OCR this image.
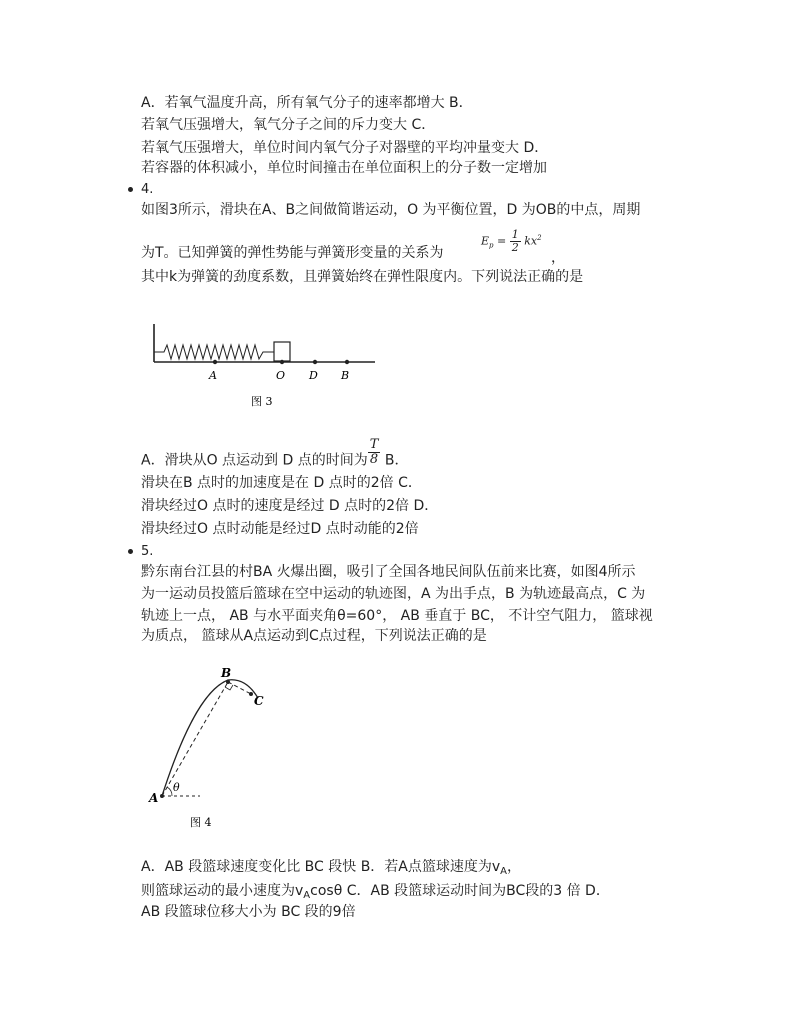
A．若氧气温度升高，所有氧气分子的速率都增大 B．
若氧气压强增大，氧气分子之间的斥力变大 C．
若氧气压强增大，单位时间内氧气分子对器壁的平均冲量变大 D．
若容器的体积减小，单位时间撞击在单位面积上的分子数一定增加
4.
如图3所示，滑块在A、B之间做简谐运动，O 为平衡位置，D 为OB的中点，周期
为T。已知弹簧的弹性势能与弹簧形变量的关系为
$E_p = \frac{1}{2} kx^2$
，
其中k为弹簧的劲度系数，且弹簧始终在弹性限度内。下列说法正确的是
A	O D B
图 3
A．滑块从O 点运动到 D 点的时间为 $\frac{T}{8}$ B．
滑块在B 点时的加速度是在 D 点时的2倍 C．
滑块经过O 点时的速度是经过 D 点时的2倍 D．
滑块经过O 点时动能是经过D 点时动能的2倍
5.
黔东南台江县的村BA 火爆出圈，吸引了全国各地民间队伍前来比赛，如图4所示
为一运动员投篮后篮球在空中运动的轨迹图，A 为出手点，B 为轨迹最高点，C 为
轨迹上一点， AB 与水平面夹角θ=60°， AB 垂直于 BC， 不计空气阻力， 篮球视
为质点， 篮球从A点运动到C点过程，下列说法正确的是
A
B
C
θ
图 4
A．AB 段篮球速度变化比 BC 段快 B．若A点篮球速度为$v_A$，
则篮球运动的最小速度为$v_A\cos\theta$ C．AB 段篮球运动时间为BC段的3 倍 D．
AB 段篮球位移大小为 BC 段的9倍
